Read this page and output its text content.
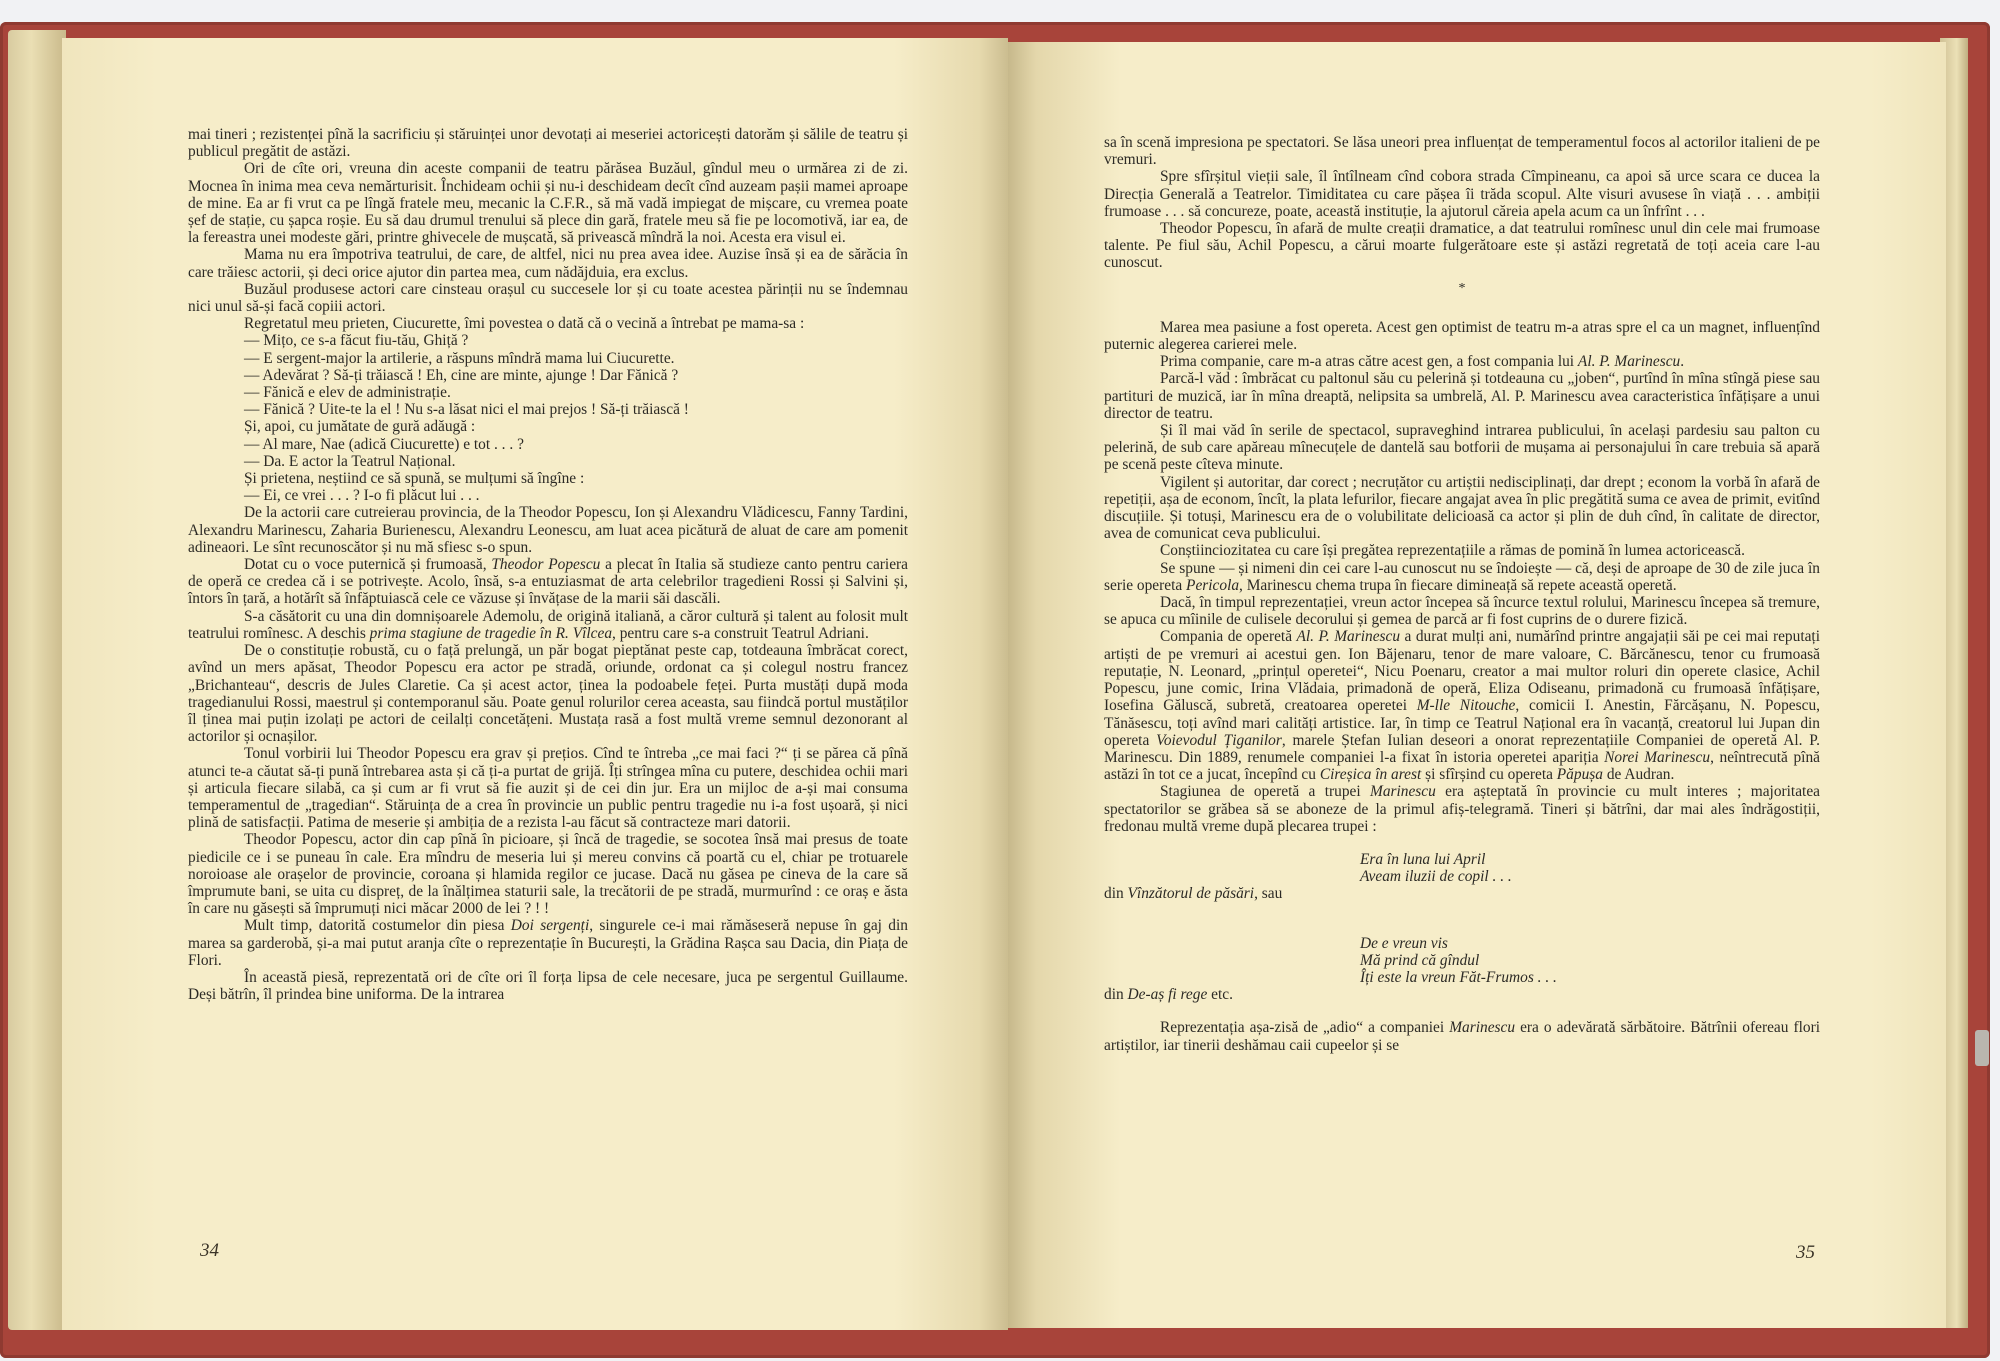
mai tineri ; rezistenței pînă la sacrificiu și stăruinței unor devotați ai meseriei actoricești datorăm și sălile de teatru și publicul pregătit de astăzi.

Ori de cîte ori, vreuna din aceste companii de teatru părăsea Buzăul, gîndul meu o urmărea zi de zi. Mocnea în inima mea ceva nemărturisit. Închideam ochii și nu-i deschideam decît cînd auzeam pașii mamei aproape de mine. Ea ar fi vrut ca pe lîngă fratele meu, mecanic la C.F.R., să mă vadă impiegat de mișcare, cu vremea poate șef de stație, cu șapca roșie. Eu să dau drumul trenului să plece din gară, fratele meu să fie pe locomotivă, iar ea, de la fereastra unei modeste gări, printre ghivecele de mușcată, să privească mîndră la noi. Acesta era visul ei.

Mama nu era împotriva teatrului, de care, de altfel, nici nu prea avea idee. Auzise însă și ea de sărăcia în care trăiesc actorii, și deci orice ajutor din partea mea, cum nădăjduia, era exclus.

Buzăul produsese actori care cinsteau orașul cu succesele lor și cu toate acestea părinții nu se îndemnau nici unul să-și facă copiii actori.

Regretatul meu prieten, Ciucurette, îmi povestea o dată că o vecină a întrebat pe mama-sa :

— Mițo, ce s-a făcut fiu-tău, Ghiță ?

— E sergent-major la artilerie, a răspuns mîndră mama lui Ciucurette.

— Adevărat ? Să-ți trăiască ! Eh, cine are minte, ajunge ! Dar Fănică ?

— Fănică e elev de administrație.

— Fănică ? Uite-te la el ! Nu s-a lăsat nici el mai prejos ! Să-ți trăiască !

Și, apoi, cu jumătate de gură adăugă :

— Al mare, Nae (adică Ciucurette) e tot . . . ?

— Da. E actor la Teatrul Național.

Și prietena, neștiind ce să spună, se mulțumi să îngîne :

— Ei, ce vrei . . . ? I-o fi plăcut lui . . .

De la actorii care cutreierau provincia, de la Theodor Popescu, Ion și Alexandru Vlădicescu, Fanny Tardini, Alexandru Marinescu, Zaharia Burienescu, Alexandru Leonescu, am luat acea picătură de aluat de care am pomenit adineaori. Le sînt recunoscător și nu mă sfiesc s-o spun.

Dotat cu o voce puternică și frumoasă, Theodor Popescu a plecat în Italia să studieze canto pentru cariera de operă ce credea că i se potrivește. Acolo, însă, s-a entuziasmat de arta celebrilor tragedieni Rossi și Salvini și, întors în țară, a hotărît să înfăptuiască cele ce văzuse și învățase de la marii săi dascăli.

S-a căsătorit cu una din domnișoarele Ademolu, de origină italiană, a căror cultură și talent au folosit mult teatrului romînesc. A deschis prima stagiune de tragedie în R. Vîlcea, pentru care s-a construit Teatrul Adriani.

De o constituție robustă, cu o față prelungă, un păr bogat pieptănat peste cap, totdeauna îmbrăcat corect, avînd un mers apăsat, Theodor Popescu era actor pe stradă, oriunde, ordonat ca și colegul nostru francez „Brichanteau“, descris de Jules Claretie. Ca și acest actor, ținea la podoabele feței. Purta mustăți după moda tragedianului Rossi, maestrul și contemporanul său. Poate genul rolurilor cerea aceasta, sau fiindcă portul mustăților îl ținea mai puțin izolați pe actori de ceilalți concetățeni. Mustața rasă a fost multă vreme semnul dezonorant al actorilor și ocnașilor.

Tonul vorbirii lui Theodor Popescu era grav și prețios. Cînd te întreba „ce mai faci ?“ ți se părea că pînă atunci te-a căutat să-ți pună întrebarea asta și că ți-a purtat de grijă. Îți strîngea mîna cu putere, deschidea ochii mari și articula fiecare silabă, ca și cum ar fi vrut să fie auzit și de cei din jur. Era un mijloc de a-și mai consuma temperamentul de „tragedian“. Stăruința de a crea în provincie un public pentru tragedie nu i-a fost ușoară, și nici plină de satisfacții. Patima de meserie și ambiția de a rezista l-au făcut să contracteze mari datorii.

Theodor Popescu, actor din cap pînă în picioare, și încă de tragedie, se socotea însă mai presus de toate piedicile ce i se puneau în cale. Era mîndru de meseria lui și mereu convins că poartă cu el, chiar pe trotuarele noroioase ale orașelor de provincie, coroana și hlamida regilor ce jucase. Dacă nu găsea pe cineva de la care să împrumute bani, se uita cu dispreț, de la înălțimea staturii sale, la trecătorii de pe stradă, murmurînd : ce oraș e ăsta în care nu găsești să împrumuți nici măcar 2000 de lei ? ! !

Mult timp, datorită costumelor din piesa Doi sergenți, singurele ce-i mai rămăseseră nepuse în gaj din marea sa garderobă, și-a mai putut aranja cîte o reprezentație în București, la Grădina Rașca sau Dacia, din Piața de Flori.

În această piesă, reprezentată ori de cîte ori îl forța lipsa de cele necesare, juca pe sergentul Guillaume. Deși bătrîn, îl prindea bine uniforma. De la intrarea

34

sa în scenă impresiona pe spectatori. Se lăsa uneori prea influențat de temperamentul focos al actorilor italieni de pe vremuri.

Spre sfîrșitul vieții sale, îl întîlneam cînd cobora strada Cîmpineanu, ca apoi să urce scara ce ducea la Direcția Generală a Teatrelor. Timiditatea cu care pășea îi trăda scopul. Alte visuri avusese în viață . . . ambiții frumoase . . . să concureze, poate, această instituție, la ajutorul căreia apela acum ca un înfrînt . . .

Theodor Popescu, în afară de multe creații dramatice, a dat teatrului romînesc unul din cele mai frumoase talente. Pe fiul său, Achil Popescu, a cărui moarte fulgerătoare este și astăzi regretată de toți aceia care l-au cunoscut.

*

Marea mea pasiune a fost opereta. Acest gen optimist de teatru m-a atras spre el ca un magnet, influențînd puternic alegerea carierei mele.

Prima companie, care m-a atras către acest gen, a fost compania lui Al. P. Marinescu.

Parcă-l văd : îmbrăcat cu paltonul său cu pelerină și totdeauna cu „joben“, purtînd în mîna stîngă piese sau partituri de muzică, iar în mîna dreaptă, nelipsita sa umbrelă, Al. P. Marinescu avea caracteristica înfățișare a unui director de teatru.

Și îl mai văd în serile de spectacol, supraveghind intrarea publicului, în același pardesiu sau palton cu pelerină, de sub care apăreau mînecuțele de dantelă sau botforii de mușama ai personajului în care trebuia să apară pe scenă peste cîteva minute.

Vigilent și autoritar, dar corect ; necruțător cu artiștii nedisciplinați, dar drept ; econom la vorbă în afară de repetiții, așa de econom, încît, la plata lefurilor, fiecare angajat avea în plic pregătită suma ce avea de primit, evitînd discuțiile. Și totuși, Marinescu era de o volubilitate delicioasă ca actor și plin de duh cînd, în calitate de director, avea de comunicat ceva publicului.

Conștiinciozitatea cu care își pregătea reprezentațiile a rămas de pomină în lumea actoricească.

Se spune — și nimeni din cei care l-au cunoscut nu se îndoiește — că, deși de aproape de 30 de zile juca în serie opereta Pericola, Marinescu chema trupa în fiecare dimineață să repete această operetă.

Dacă, în timpul reprezentației, vreun actor începea să încurce textul rolului, Marinescu începea să tremure, se apuca cu mîinile de culisele decorului și gemea de parcă ar fi fost cuprins de o durere fizică.

Compania de operetă Al. P. Marinescu a durat mulți ani, numărînd printre angajații săi pe cei mai reputați artiști de pe vremuri ai acestui gen. Ion Băjenaru, tenor de mare valoare, C. Bărcănescu, tenor cu frumoasă reputație, N. Leonard, „prințul operetei“, Nicu Poenaru, creator a mai multor roluri din operete clasice, Achil Popescu, june comic, Irina Vlădaia, primadonă de operă, Eliza Odiseanu, primadonă cu frumoasă înfățișare, Iosefina Găluscă, subretă, creatoarea operetei M-lle Nitouche, comicii I. Anestin, Fărcășanu, N. Popescu, Tănăsescu, toți avînd mari calități artistice. Iar, în timp ce Teatrul Național era în vacanță, creatorul lui Jupan din opereta Voievodul Țiganilor, marele Ștefan Iulian deseori a onorat reprezentațiile Companiei de operetă Al. P. Marinescu. Din 1889, renumele companiei l-a fixat în istoria operetei apariția Norei Marinescu, neîntrecută pînă astăzi în tot ce a jucat, începînd cu Cireșica în arest și sfîrșind cu opereta Păpușa de Audran.

Stagiunea de operetă a trupei Marinescu era așteptată în provincie cu mult interes ; majoritatea spectatorilor se grăbea să se aboneze de la primul afiș-telegramă. Tineri și bătrîni, dar mai ales îndrăgostiții, fredonau multă vreme după plecarea trupei :

Era în luna lui April

Aveam iluzii de copil . . .

din Vînzătorul de păsări, sau

De e vreun vis

Mă prind că gîndul

Îți este la vreun Făt-Frumos . . .

din De-aș fi rege etc.

Reprezentația așa-zisă de „adio“ a companiei Marinescu era o adevărată sărbătoire. Bătrînii ofereau flori artiștilor, iar tinerii deshămau caii cupeelor și se

35
